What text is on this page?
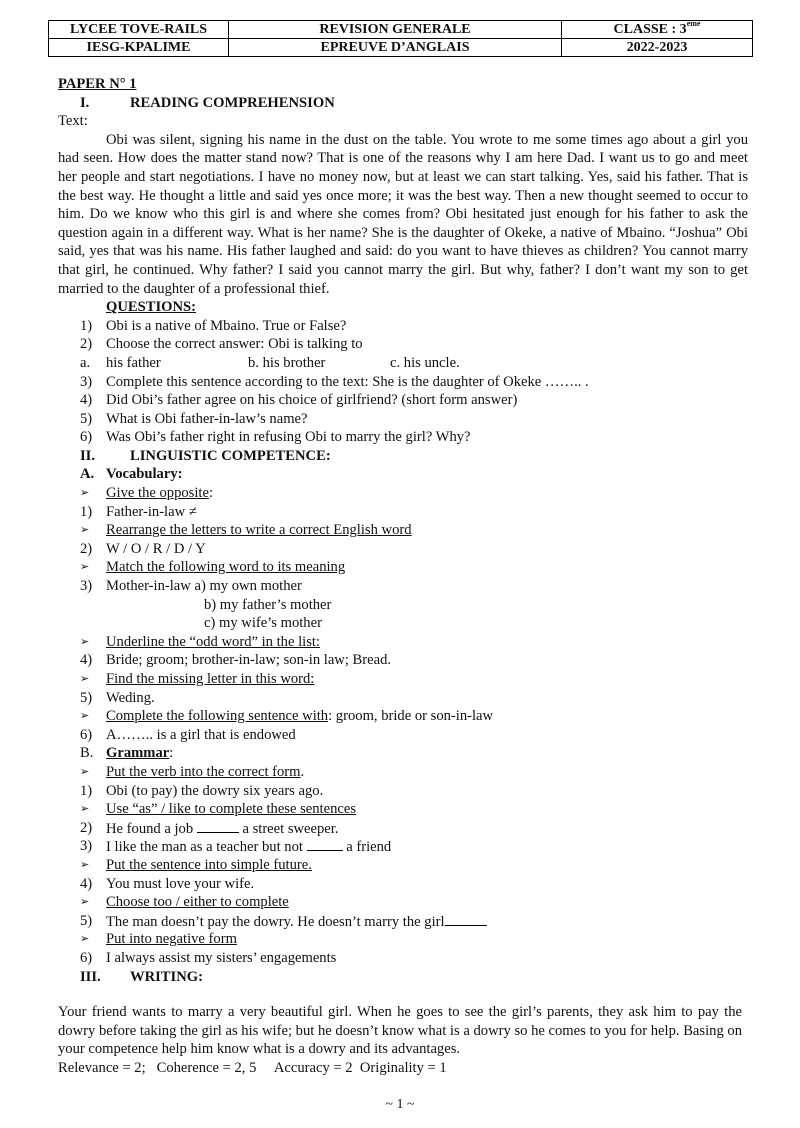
LYCEE TOVE-RAILS	REVISION GENERALE	CLASSE : 3ème
IESG-KPALIME	EPREUVE D’ANGLAIS	2022-2023
PAPER N° 1
I.	READING COMPREHENSION
Text:

Obi was silent, signing his name in the dust on the table. You wrote to me some times ago about a girl you had seen. How does the matter stand now? That is one of the reasons why I am here Dad. I want us to go and meet her people and start negotiations. I have no money now, but at least we can start talking. Yes, said his father. That is the best way. He thought a little and said yes once more; it was the best way. Then a new thought seemed to occur to him. Do we know who this girl is and where she comes from? Obi hesitated just enough for his father to ask the question again in a different way. What is her name? She is the daughter of Okeke, a native of Mbaino. “Joshua” Obi said, yes that was his name. His father laughed and said: do you want to have thieves as children? You cannot marry that girl, he continued. Why father? I said you cannot marry the girl. But why, father? I don’t want my son to get married to the daughter of a professional thief.

QUESTIONS:
1) Obi is a native of Mbaino. True or False?
2) Choose the correct answer: Obi is talking to
a.	his father	b. his brother	c. his uncle.
3) Complete this sentence according to the text: She is the daughter of Okeke …….. .
4) Did Obi’s father agree on his choice of girlfriend? (short form answer)
5) What is Obi father-in-law’s name?
6) Was Obi’s father right in refusing Obi to marry the girl? Why?
II. LINGUISTIC COMPETENCE:
A. Vocabulary:
➢ Give the opposite:
1) Father-in-law ≠
➢ Rearrange the letters to write a correct English word
2) W / O / R / D / Y
➢ Match the following word to its meaning
3) Mother-in-law a) my own mother
b) my father’s mother
c) my wife’s mother
➢ Underline the “odd word” in the list:
4) Bride; groom; brother-in-law; son-in law; Bread.
➢ Find the missing letter in this word:
5) Weding.
➢ Complete the following sentence with: groom, bride or son-in-law
6) A…….. is a girl that is endowed
B. Grammar:
➢ Put the verb into the correct form.
1) Obi (to pay) the dowry six years ago.
➢ Use “as” / like to complete these sentences
2) He found a job	a street sweeper.
3) I like the man as a teacher but not	a friend
➢ Put the sentence into simple future.
4) You must love your wife.
➢ Choose too / either to complete
5) The man doesn’t pay the dowry. He doesn’t marry the girl
➢ Put into negative form
6) I always assist my sisters’ engagements
III. WRITING:

Your friend wants to marry a very beautiful girl. When he goes to see the girl’s parents, they ask him to pay the dowry before taking the girl as his wife; but he doesn’t know what is a dowry so he comes to you for help. Basing on your competence help him know what is a dowry and its advantages.

Relevance = 2;   Coherence = 2, 5     Accuracy = 2  Originality = 1
~ 1 ~
